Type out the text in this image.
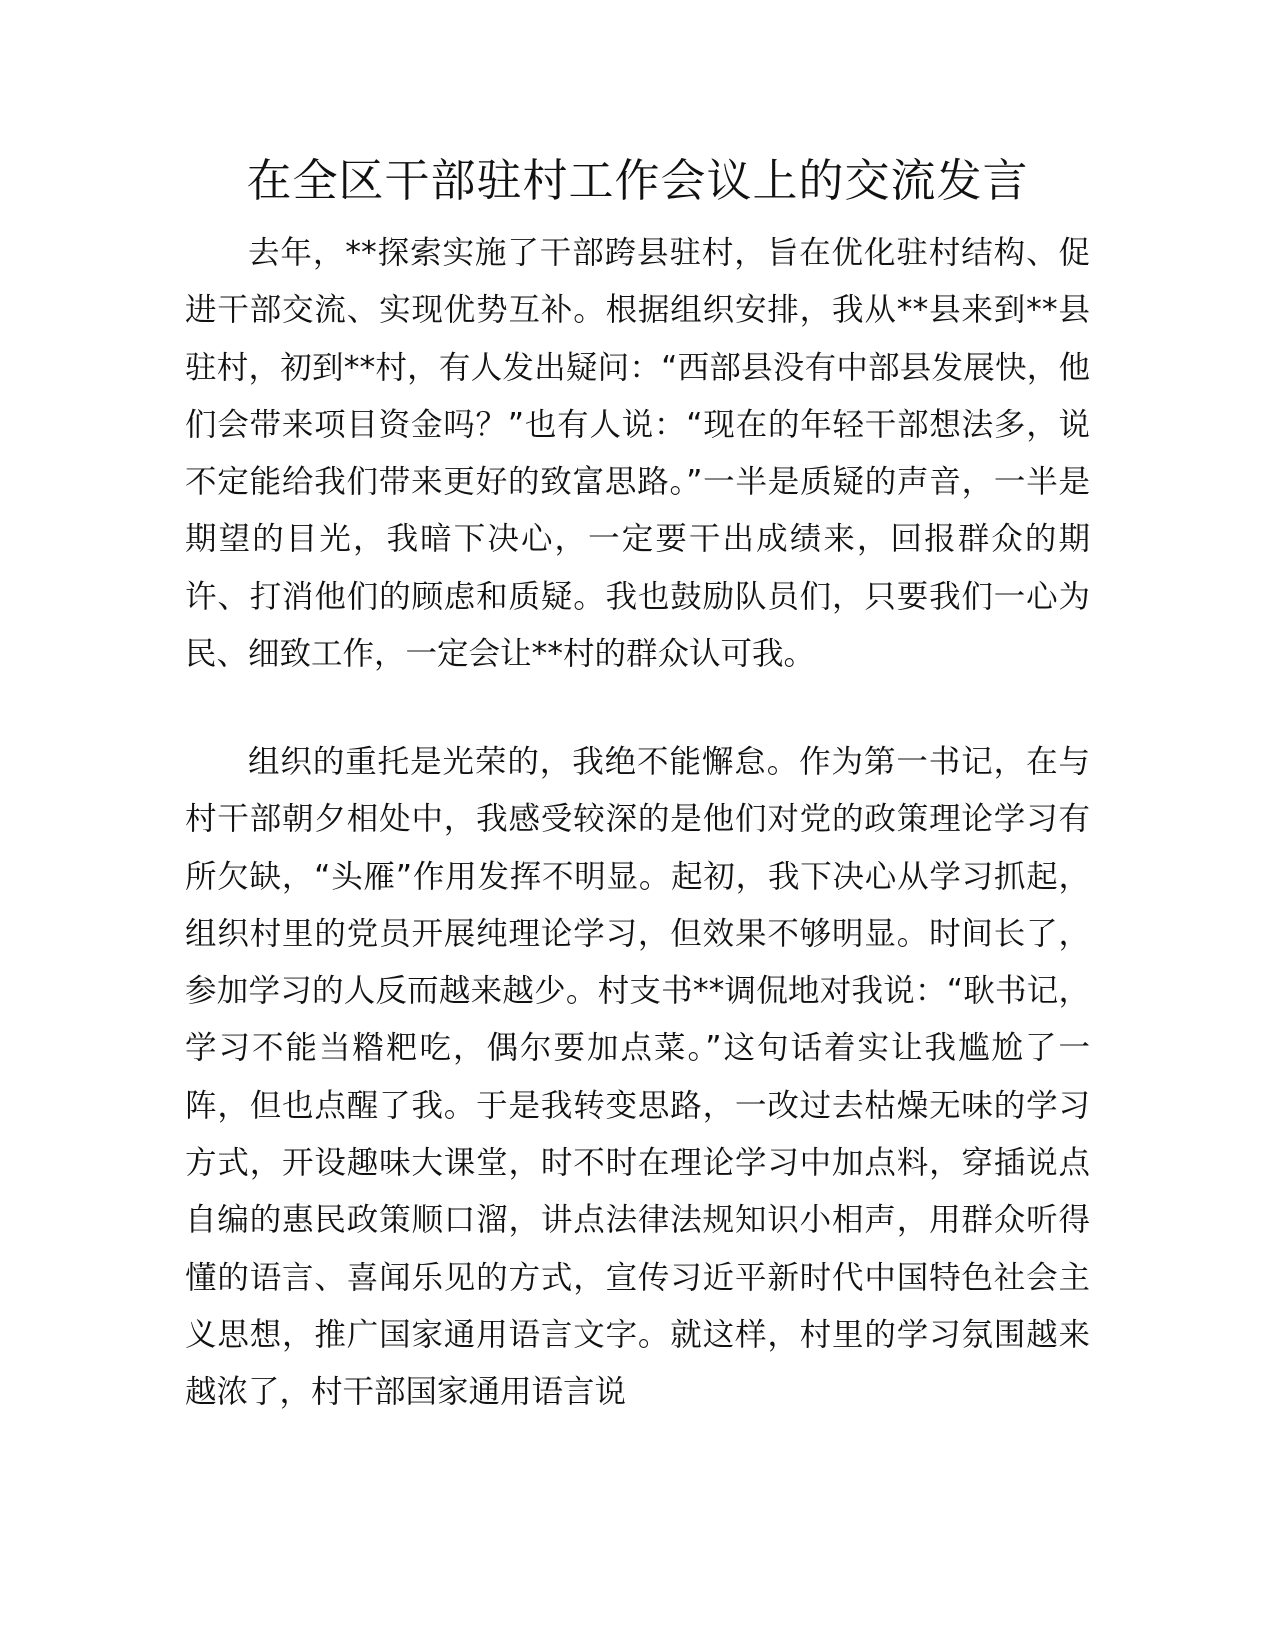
在全区干部驻村工作会议上的交流发言

去年，**探索实施了干部跨县驻村，旨在优化驻村结构、促进干部交流、实现优势互补。根据组织安排，我从**县来到**县驻村，初到**村，有人发出疑问：“西部县没有中部县发展快，他们会带来项目资金吗？”也有人说：“现在的年轻干部想法多，说不定能给我们带来更好的致富思路。”一半是质疑的声音，一半是期望的目光，我暗下决心，一定要干出成绩来，回报群众的期许、打消他们的顾虑和质疑。我也鼓励队员们，只要我们一心为民、细致工作，一定会让**村的群众认可我。

组织的重托是光荣的，我绝不能懈怠。作为第一书记，在与村干部朝夕相处中，我感受较深的是他们对党的政策理论学习有所欠缺，“头雁”作用发挥不明显。起初，我下决心从学习抓起，组织村里的党员开展纯理论学习，但效果不够明显。时间长了，参加学习的人反而越来越少。村支书**调侃地对我说：“耿书记，学习不能当糌粑吃，偶尔要加点菜。”这句话着实让我尴尬了一阵，但也点醒了我。于是我转变思路，一改过去枯燥无味的学习方式，开设趣味大课堂，时不时在理论学习中加点料，穿插说点自编的惠民政策顺口溜，讲点法律法规知识小相声，用群众听得懂的语言、喜闻乐见的方式，宣传习近平新时代中国特色社会主义思想，推广国家通用语言文字。就这样，村里的学习氛围越来越浓了，村干部国家通用语言说
